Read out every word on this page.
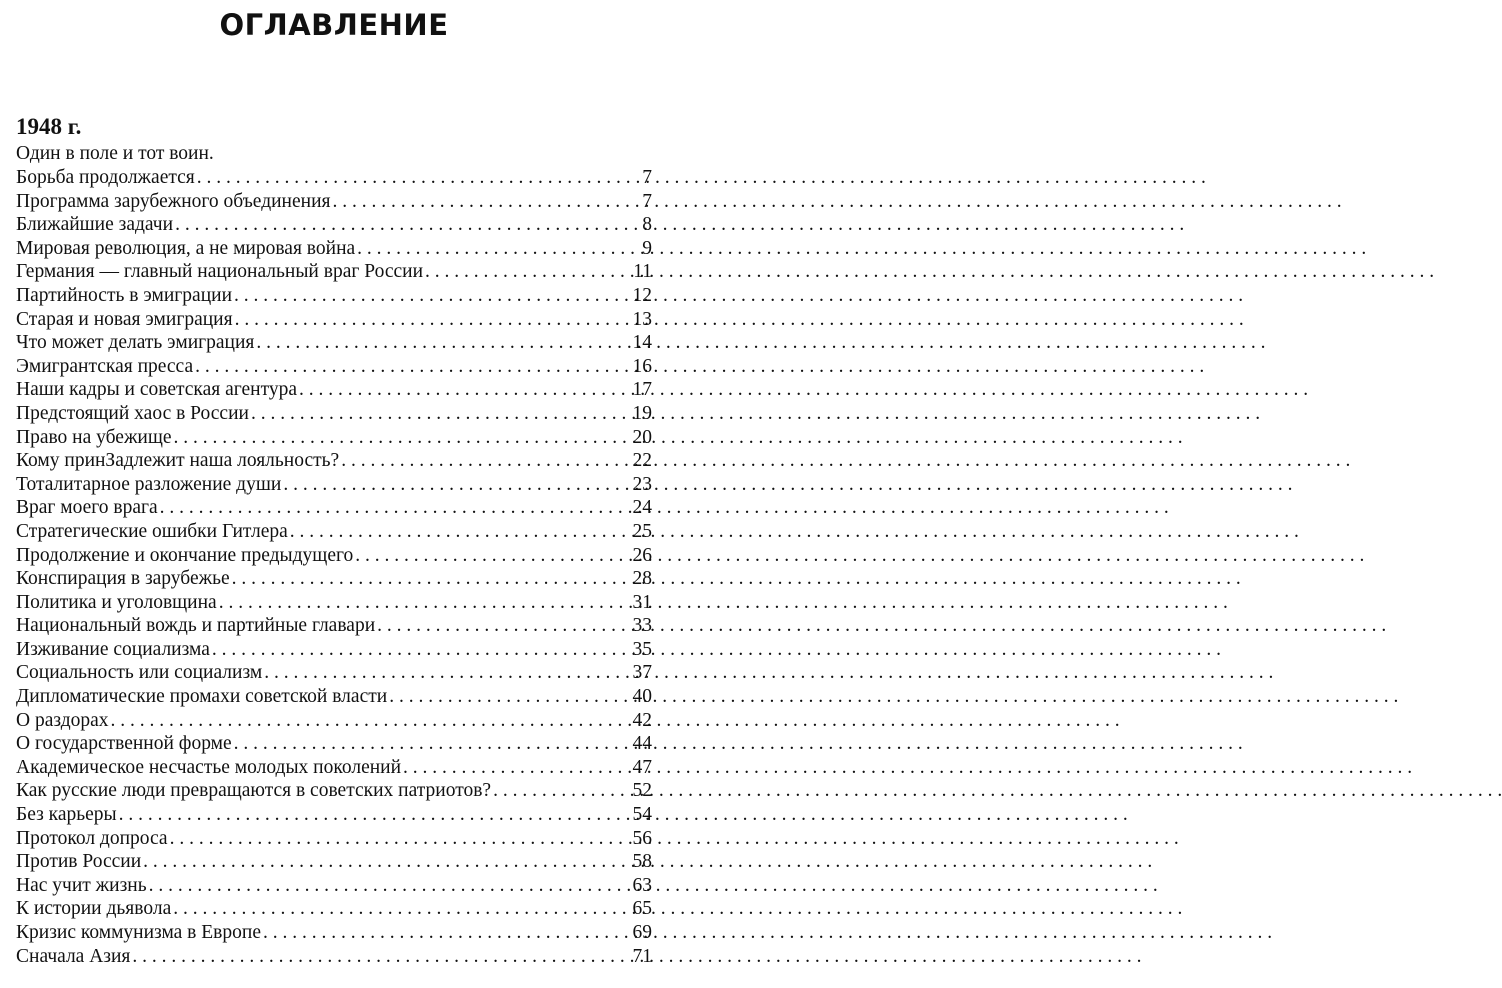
ОГЛАВЛЕНИЕ
1948 г.
Один в поле и тот воин.
Борьба продолжается . . .	7
Программа зарубежного объединения . . .	7
Ближайшие задачи . . .	8
Мировая революция, а не мировая война . . .	9
Германия — главный национальный враг России . . .	11
Партийность в эмиграции . . .	12
Старая и новая эмиграция . . .	13
Что может делать эмиграция . . .	14
Эмигрантская пресса . . .	16
Наши кадры и советская агентура . . .	17
Предстоящий хаос в России . . .	19
Право на убежище . . .	20
Кому принЗадлежит наша лояльность? . . .	22
Тоталитарное разложение души . . .	23
Враг моего врага . . .	24
Стратегические ошибки Гитлера . . .	25
Продолжение и окончание предыдущего . . .	26
Конспирация в зарубежье . . .	28
Политика и уголовщина . . .	31
Национальный вождь и партийные главари . . .	33
Изживание социализма . . .	35
Социальность или социализм . . .	37
Дипломатические промахи советской власти . . .	40
О раздорах . . .	42
О государственной форме . . .	44
Академическое несчастье молодых поколений . . .	47
Как русские люди превращаются в советских патриотов? . . .	52
Без карьеры . . .	54
Протокол допроса . . .	56
Против России . . .	58
Нас учит жизнь . . .	63
К истории дьявола . . .	65
Кризис коммунизма в Европе . . .	69
Сначала Азия . . .	71
